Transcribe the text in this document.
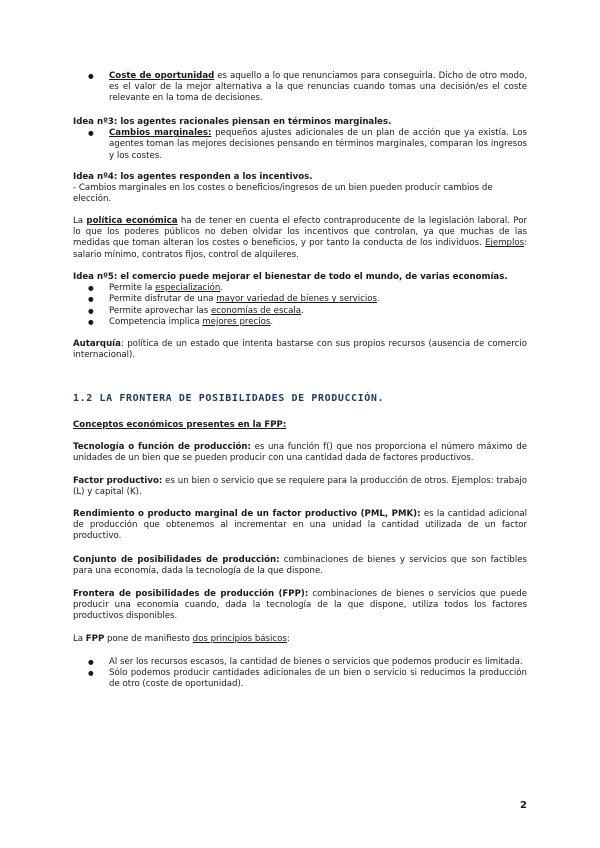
● Coste de oportunidad es aquello a lo que renunciamos para conseguirla. Dicho de otro modo, es el valor de la mejor alternativa a la que renuncias cuando tomas una decisión/es el coste relevante en la toma de decisiones.

Idea nº3: los agentes racionales piensan en términos marginales.

● Cambios marginales: pequeños ajustes adicionales de un plan de acción que ya existía. Los agentes toman las mejores decisiones pensando en términos marginales, comparan los ingresos y los costes.

Idea nº4: los agentes responden a los incentivos.

- Cambios marginales en los costes o beneficios/ingresos de un bien pueden producir cambios de elección.

La política económica ha de tener en cuenta el efecto contraproducente de la legislación laboral. Por lo que los poderes públicos no deben olvidar los incentivos que controlan, ya que muchas de las medidas que toman alteran los costes o beneficios, y por tanto la conducta de los individuos. Ejemplos: salario mínimo, contratos fijos, control de alquileres.

Idea nº5: el comercio puede mejorar el bienestar de todo el mundo, de varias economías.

● Permite la especialización.
● Permite disfrutar de una mayor variedad de bienes y servicios.
● Permite aprovechar las economías de escala.
● Competencia implica mejores precios.
Autarquía: política de un estado que intenta bastarse con sus propios recursos (ausencia de comercio internacional).
1.2 LA FRONTERA DE POSIBILIDADES DE PRODUCCIÓN.
Conceptos económicos presentes en la FPP:
Tecnología o función de producción: es una función f() que nos proporciona el número máximo de unidades de un bien que se pueden producir con una cantidad dada de factores productivos.
Factor productivo: es un bien o servicio que se requiere para la producción de otros. Ejemplos: trabajo (L) y capital (K).
Rendimiento o producto marginal de un factor productivo (PML, PMK): es la cantidad adicional de producción que obtenemos al incrementar en una unidad la cantidad utilizada de un factor productivo.
Conjunto de posibilidades de producción: combinaciones de bienes y servicios que son factibles para una economía, dada la tecnología de la que dispone.
Frontera de posibilidades de producción (FPP): combinaciones de bienes o servicios que puede producir una economía cuando, dada la tecnología de la que dispone, utiliza todos los factores productivos disponibles.
La FPP pone de manifiesto dos principios básicos:
● Al ser los recursos escasos, la cantidad de bienes o servicios que podemos producir es limitada.
● Sólo podemos producir cantidades adicionales de un bien o servicio si reducimos la producción de otro (coste de oportunidad).
2
